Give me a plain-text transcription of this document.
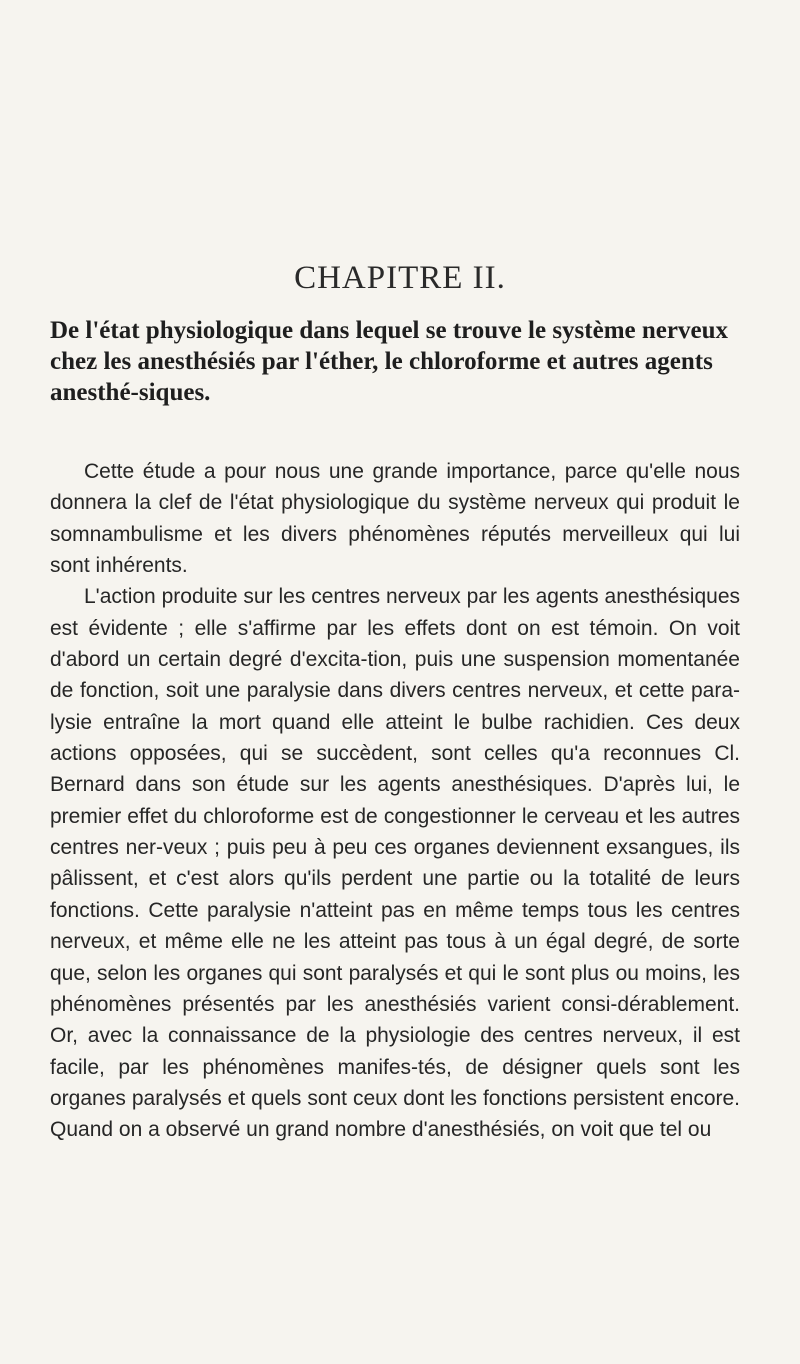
CHAPITRE II.
De l'état physiologique dans lequel se trouve le système nerveux chez les anesthésiés par l'éther, le chloroforme et autres agents anesthé-siques.

Cette étude a pour nous une grande importance, parce qu'elle nous donnera la clef de l'état physiologique du système nerveux qui produit le somnambulisme et les divers phénomènes réputés merveilleux qui lui sont inhérents.

L'action produite sur les centres nerveux par les agents anesthésiques est évidente ; elle s'affirme par les effets dont on est témoin. On voit d'abord un certain degré d'excita-tion, puis une suspension momentanée de fonction, soit une paralysie dans divers centres nerveux, et cette para-lysie entraîne la mort quand elle atteint le bulbe rachidien. Ces deux actions opposées, qui se succèdent, sont celles qu'a reconnues Cl. Bernard dans son étude sur les agents anesthésiques. D'après lui, le premier effet du chloroforme est de congestionner le cerveau et les autres centres ner-veux ; puis peu à peu ces organes deviennent exsangues, ils pâlissent, et c'est alors qu'ils perdent une partie ou la totalité de leurs fonctions. Cette paralysie n'atteint pas en même temps tous les centres nerveux, et même elle ne les atteint pas tous à un égal degré, de sorte que, selon les organes qui sont paralysés et qui le sont plus ou moins, les phénomènes présentés par les anesthésiés varient consi-dérablement. Or, avec la connaissance de la physiologie des centres nerveux, il est facile, par les phénomènes manifes-tés, de désigner quels sont les organes paralysés et quels sont ceux dont les fonctions persistent encore. Quand on a observé un grand nombre d'anesthésiés, on voit que tel ou
